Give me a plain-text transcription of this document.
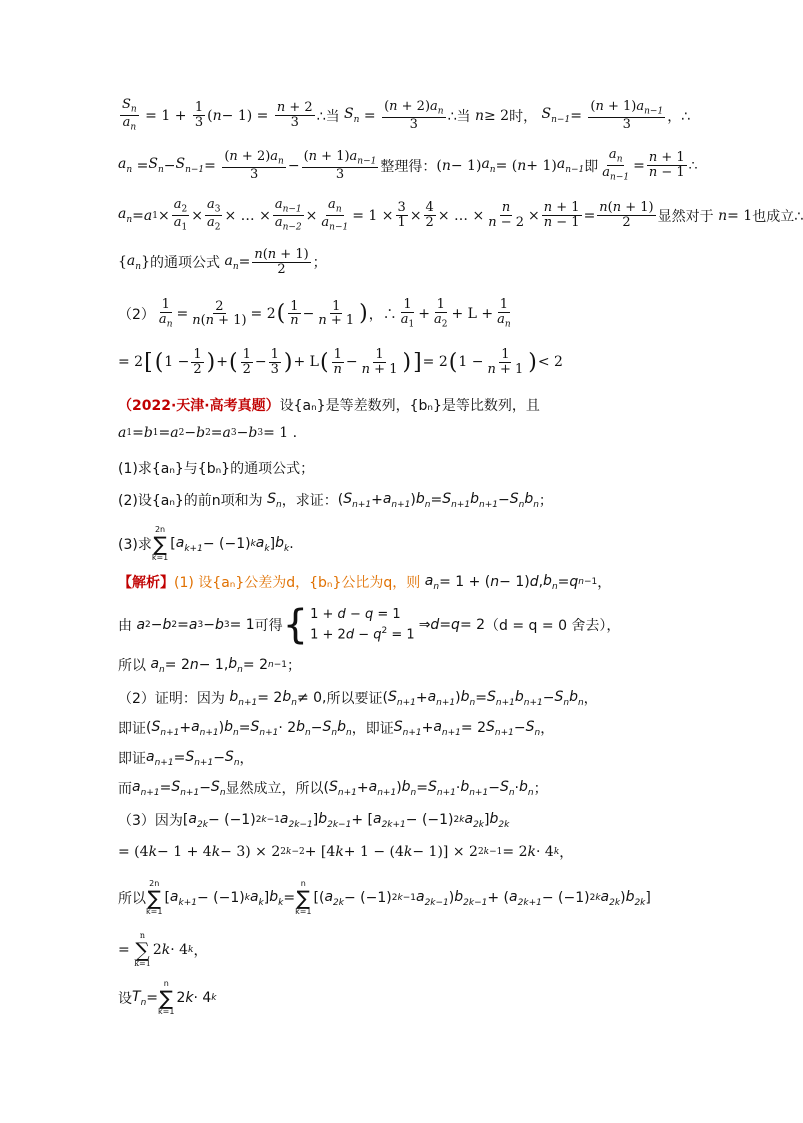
$\frac{S_n}{a_n} = 1 + \frac{1}{3}$ ( $n - 1) = \frac{n + 2}{3}$ ∴当
$S_n = \frac{(n + 2)a_n}{3}$ ∴当
n ≥ 2 时，
$S_{n-1} = \frac{(n + 1)a_{n-1}}{3}$ ，∴
$a_n = S_n - S_{n-1} = \frac{(n + 2)a_n}{3} - \frac{(n + 1)a_{n-1}}{3}$ 整理得： ( n − 1) $a_n$ = ( n + 1) $a_{n-1}$ 即 $\frac{a_n}{a_{n-1}} = \frac{n + 1}{n - 1}$ ∴
$a_n = a$ $1 \times \frac{a_2}{a_1} \times \frac{a_3}{a_2}$ × … × $\frac{a_{n-1}}{a_{n-2}} \times \frac{a_n}{a_{n-1}} = 1 \times \frac{3}{1} \times \frac{4}{2}$ × … × $\frac{n}{n - 2} \times \frac{n + 1}{n - 1} = \frac{n(n + 1)}{2}$ 显然对于
n = 1 也成立∴
{ $a_n$ } 的通项公式
$a_n = \frac{n(n + 1)}{2}$ ；
$(2) \frac{1}{a_n} = \frac{2}{n(n + 1)} = 2$ ( $\frac{1}{n} - \frac{1}{n + 1}$ ) ，∴ $\frac{1}{a_1} + \frac{1}{a_2} + L + \frac{1}{a_n}$
= 2 [ ( $1 - \frac{1}{2}$ ) + ( $\frac{1}{2} - \frac{1}{3}$ ) + L ( $\frac{1}{n} - \frac{1}{n + 1}$ ) ] = 2 ( $1 - \frac{1}{n + 1}$ ) < 2
（2022·天津·高考真题） 设{aₙ}是等差数列，{bₙ}是等比数列，且
a 1 = b 1 = a 2 − b 2 = a 3 − b 3 = 1 .
(1)求{aₙ}与{bₙ}的通项公式；
(2)设{aₙ}的前n项和为
$S_n$ ，求证： ( $S_{n+1} + a_{n+1}$ ) $b_n = S_{n+1}b_{n+1} - S_nb_n$ ；
(3)求
2n
∑
k=1
[ $a_{k+1} - (-1)$ k $a_k$ ] $b_k$ .
【解析】 (1) 设{aₙ}公差为d，{bₙ}公比为q，则
$a_n = 1$ + ( n − 1) d , $b_n = q$ n−1 ，
由
a 2 − b 2 = a 3 − b 3 = 1 可得 { 1 + d − q = 1
$1 + 2d - q^2 = 1$
⇒ d = q = 2 （d = q = 0 舍去），
所以
$a_n = 2$ n − 1, $b_n = 2$ n−1 ；
（2）证明：因为
$b_{n+1} = 2$ $b_n \ne 0$, 所以要证 ( $S_{n+1} + a_{n+1}$ ) $b_n = S_{n+1}b_{n+1} - S_nb_n$ ，
即证 ( $S_{n+1} + a_{n+1}$ ) $b_n = S_{n+1} \cdot 2$ $b_n - S_nb_n$ ，即证 $S_{n+1} + a_{n+1} = 2$ $S_{n+1} - S_n$ ，
即证 $a_{n+1} = S_{n+1} - S_n$ ，
而 $a_{n+1} = S_{n+1} - S_n$ 显然成立，所以 ( $S_{n+1} + a_{n+1}$ ) $b_n = S_{n+1} \cdot b_{n+1} - S_n \cdot b_n$ ；
（3）因为 [ $a_{2k} - (-1)$ 2k−1 $a_{2k-1}$ ] $b_{2k-1}$ + [ $a_{2k+1} - (-1)$ 2k $a_{2k}$ ] $b_{2k}$
= (4 k − 1 + 4 k − 3) × 2 2k−2 + [4 k + 1 − (4 k − 1)] × 2 2k−1 = 2 k · 4 k ，
所以
2n
∑
k=1
[ $a_{k+1} - (-1)$ k $a_k$ ] $b_k$ =
n
∑
k=1
[( $a_{2k} - (-1)$ 2k−1 $a_{2k-1}$ ) $b_{2k-1}$ + ( $a_{2k+1} - (-1)$ 2k $a_{2k}$ ) $b_{2k}$ ]
=
n
∑
k=1
2 k · 4 k ，
设 $T_n$ =
n
∑
k=1
2 k · 4 k
